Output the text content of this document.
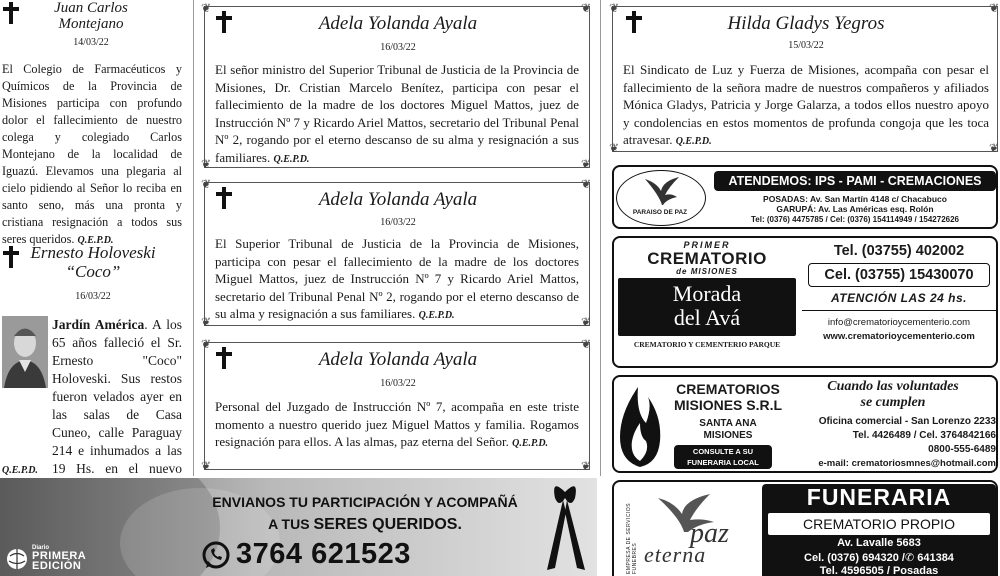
Juan Carlos
Montejano
14/03/22
El Colegio de Farmacéuticos y Químicos de la Provincia de Misiones participa con profundo dolor el fallecimiento de nuestro colega y colegiado Carlos Montejano de la localidad de Iguazú. Elevamos una plegaria al cielo pidiendo al Señor lo reciba en santo seno, más una pronta y cristiana resignación a todos sus seres queridos. Q.E.P.D.
Ernesto Holoveski
“Coco”
16/03/22
Jardín América. A los 65 años falleció el Sr. Ernesto "Coco" Holoveski. Sus restos fueron velados ayer en las salas de Casa Cuneo, calle Paraguay 214 e inhumados a las 19 Hs. en el nuevo
Q.E.P.D.
❦
❦
❦
❦
Adela Yolanda Ayala
16/03/22
El señor ministro del Superior Tribunal de Justicia de la Provincia de Misiones, Dr. Cristian Marcelo Benítez, participa con pesar el fallecimiento de la madre de los doctores Miguel Mattos, juez de Instrucción Nº 7 y Ricardo Ariel Mattos, secretario del Tribunal Penal Nº 2, rogando por el eterno descanso de su alma y resignación a sus familiares. Q.E.P.D.
❦
❦
❦
❦
Adela Yolanda Ayala
16/03/22
El Superior Tribunal de Justicia de la Provincia de Misiones, participa con pesar el fallecimiento de la madre de los doctores Miguel Mattos, juez de Instrucción Nº 7 y Ricardo Ariel Mattos, secretario del Tribunal Penal Nº 2, rogando por el eterno descanso de su alma y resignación a sus familiares. Q.E.P.D.
❦
❦
❦
❦
Adela Yolanda Ayala
16/03/22
Personal del Juzgado de Instrucción Nº 7, acompaña en este triste momento a nuestro querido juez Miguel Mattos y familia. Rogamos resignación para ellos. A las almas, paz eterna del Señor. Q.E.P.D.
❦
❦
❦
❦
Hilda Gladys Yegros
15/03/22
El Sindicato de Luz y Fuerza de Misiones, acompaña con pesar el fallecimiento de la señora madre de nuestros compañeros y afiliados Mónica Gladys, Patricia y Jorge Galarza, a todos ellos nuestro apoyo y condolencias en estos momentos de profunda congoja que les toca atravesar. Q.E.P.D.
Diario
PRIMERA
EDICIÓN
ENVIANOS TU PARTICIPACIÓN Y ACOMPAÑÁ
A TUS SERES QUERIDOS.
3764 621523
PARAISO DE PAZ
ATENDEMOS: IPS - PAMI - CREMACIONES
POSADAS: Av. San Martín 4148 c/ Chacabuco
GARUPÁ: Av. Las Américas esq. Rolón
Tel: (0376) 4475785 / Cel: (0376) 154114949 / 154272626
PRIMER
CREMATORIO
de MISIONES
Morada
del Avá
CREMATORIO Y CEMENTERIO PARQUE
Tel. (03755) 402002
Cel. (03755) 15430070
ATENCIÓN LAS 24 hs.
info@crematorioycementerio.com
www.crematorioycementerio.com
CREMATORIOS
MISIONES S.R.L
SANTA ANA
MISIONES
CONSULTE A SU FUNERARIA LOCAL
Cuando las voluntades
se cumplen
Oficina comercial - San Lorenzo 2233
Tel. 4426489 / Cel. 3764842166
0800-555-6489
e-mail: crematoriosmnes@hotmail.com
EMPRESA DE SERVICIOS FUNEBRES
paz
eterna
FUNERARIA
CREMATORIO PROPIO
Av. Lavalle 5683
Cel. (0376) 694320 /✆ 641384
Tel. 4596505 / Posadas
